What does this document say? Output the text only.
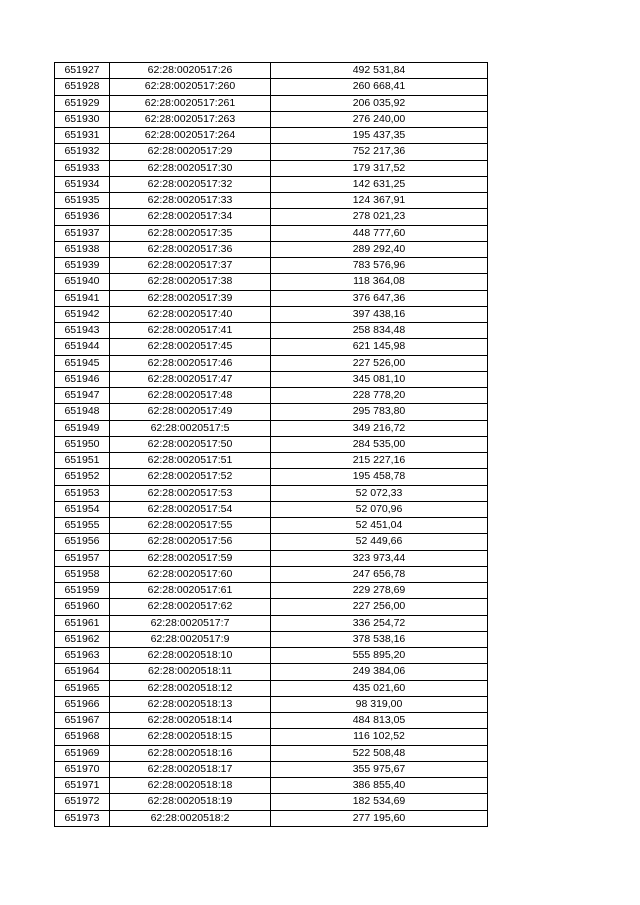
651927	62:28:0020517:26	492 531,84
651928	62:28:0020517:260	260 668,41
651929	62:28:0020517:261	206 035,92
651930	62:28:0020517:263	276 240,00
651931	62:28:0020517:264	195 437,35
651932	62:28:0020517:29	752 217,36
651933	62:28:0020517:30	179 317,52
651934	62:28:0020517:32	142 631,25
651935	62:28:0020517:33	124 367,91
651936	62:28:0020517:34	278 021,23
651937	62:28:0020517:35	448 777,60
651938	62:28:0020517:36	289 292,40
651939	62:28:0020517:37	783 576,96
651940	62:28:0020517:38	118 364,08
651941	62:28:0020517:39	376 647,36
651942	62:28:0020517:40	397 438,16
651943	62:28:0020517:41	258 834,48
651944	62:28:0020517:45	621 145,98
651945	62:28:0020517:46	227 526,00
651946	62:28:0020517:47	345 081,10
651947	62:28:0020517:48	228 778,20
651948	62:28:0020517:49	295 783,80
651949	62:28:0020517:5	349 216,72
651950	62:28:0020517:50	284 535,00
651951	62:28:0020517:51	215 227,16
651952	62:28:0020517:52	195 458,78
651953	62:28:0020517:53	52 072,33
651954	62:28:0020517:54	52 070,96
651955	62:28:0020517:55	52 451,04
651956	62:28:0020517:56	52 449,66
651957	62:28:0020517:59	323 973,44
651958	62:28:0020517:60	247 656,78
651959	62:28:0020517:61	229 278,69
651960	62:28:0020517:62	227 256,00
651961	62:28:0020517:7	336 254,72
651962	62:28:0020517:9	378 538,16
651963	62:28:0020518:10	555 895,20
651964	62:28:0020518:11	249 384,06
651965	62:28:0020518:12	435 021,60
651966	62:28:0020518:13	98 319,00
651967	62:28:0020518:14	484 813,05
651968	62:28:0020518:15	116 102,52
651969	62:28:0020518:16	522 508,48
651970	62:28:0020518:17	355 975,67
651971	62:28:0020518:18	386 855,40
651972	62:28:0020518:19	182 534,69
651973	62:28:0020518:2	277 195,60
